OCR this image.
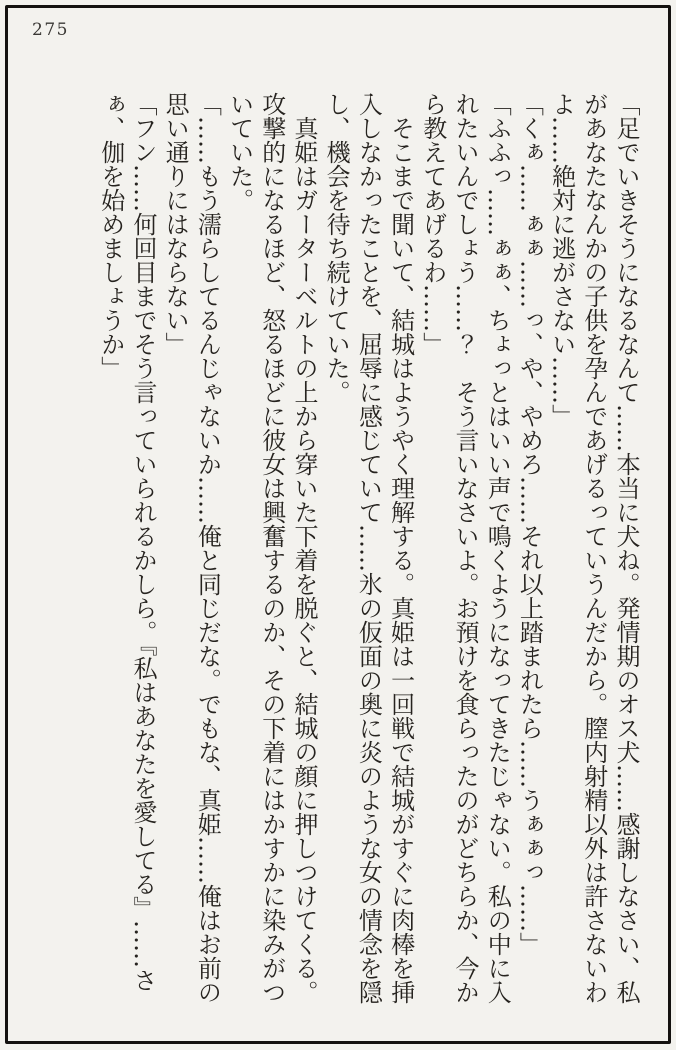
275

「足でいきそうになるなんて……本当に犬ね。発情期のオス犬……感謝しなさい、私があなたなんかの子供を孕んであげるっていうんだから。膣内射精以外は許さないわよ……絶対に逃がさない……」

「くぁ……ぁぁ……っ、や、やめろ……それ以上踏まれたら……うぁぁっ……」

「ふふっ……ぁぁ、ちょっとはいい声で鳴くようになってきたじゃない。私の中に入れたいんでしょう……？　そう言いなさいよ。お預けを食らったのがどちらか、今から教えてあげるわ……」

そこまで聞いて、結城はようやく理解する。真姫は一回戦で結城がすぐに肉棒を挿入しなかったことを、屈辱に感じていて……氷の仮面の奥に炎のような女の情念を隠し、機会を待ち続けていた。

真姫はガーターベルトの上から穿いた下着を脱ぐと、結城の顔に押しつけてくる。攻撃的になるほど、怒るほどに彼女は興奮するのか、その下着にはかすかに染みがついていた。

「……もう濡らしてるんじゃないか……俺と同じだな。でもな、真姫……俺はお前の思い通りにはならない」

「フン……何回目までそう言っていられるかしら。『私はあなたを愛してる』……さぁ、伽を始めましょうか」
